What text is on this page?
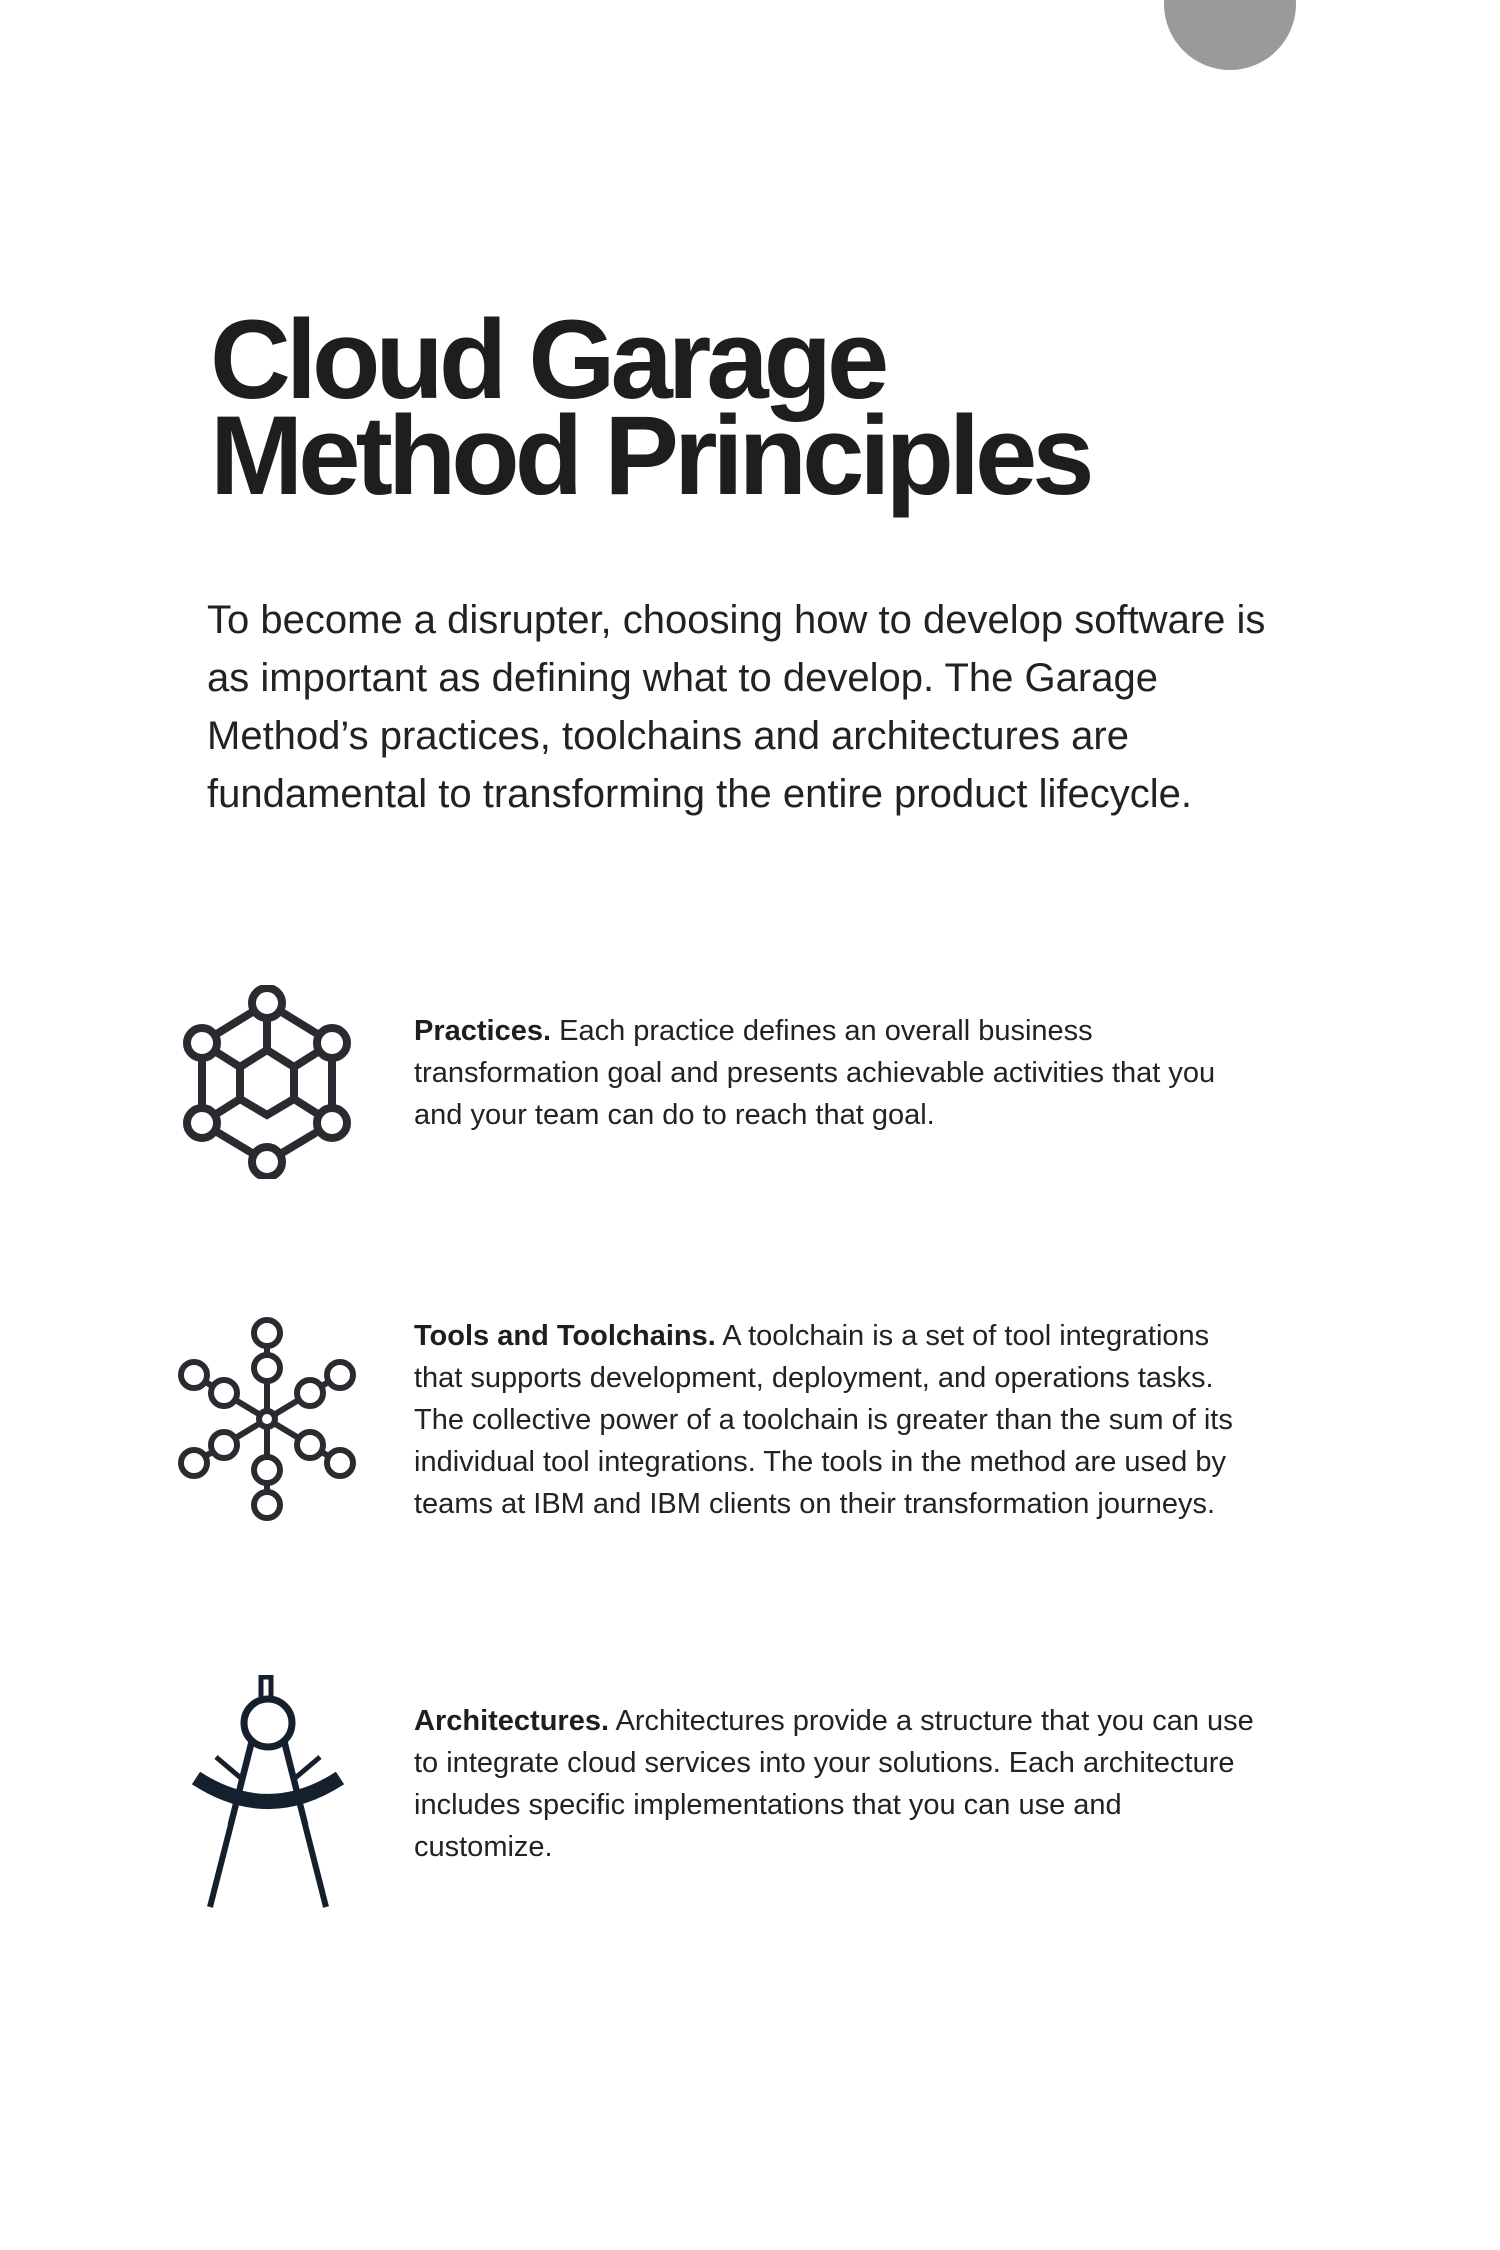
Cloud Garage
Method Principles

To become a disrupter, choosing how to develop software is as important as defining what to develop. The Garage Method’s practices, toolchains and architectures are fundamental to transforming the entire product lifecycle.

Practices. Each practice defines an overall business transformation goal and presents achievable activities that you and your team can do to reach that goal.

Tools and Toolchains. A toolchain is a set of tool integrations that supports development, deployment, and operations tasks. The collective power of a toolchain is greater than the sum of its individual tool integrations. The tools in the method are used by teams at IBM and IBM clients on their transformation journeys.

Architectures. Architectures provide a structure that you can use to integrate cloud services into your solutions. Each architecture includes specific implementations that you can use and customize.
